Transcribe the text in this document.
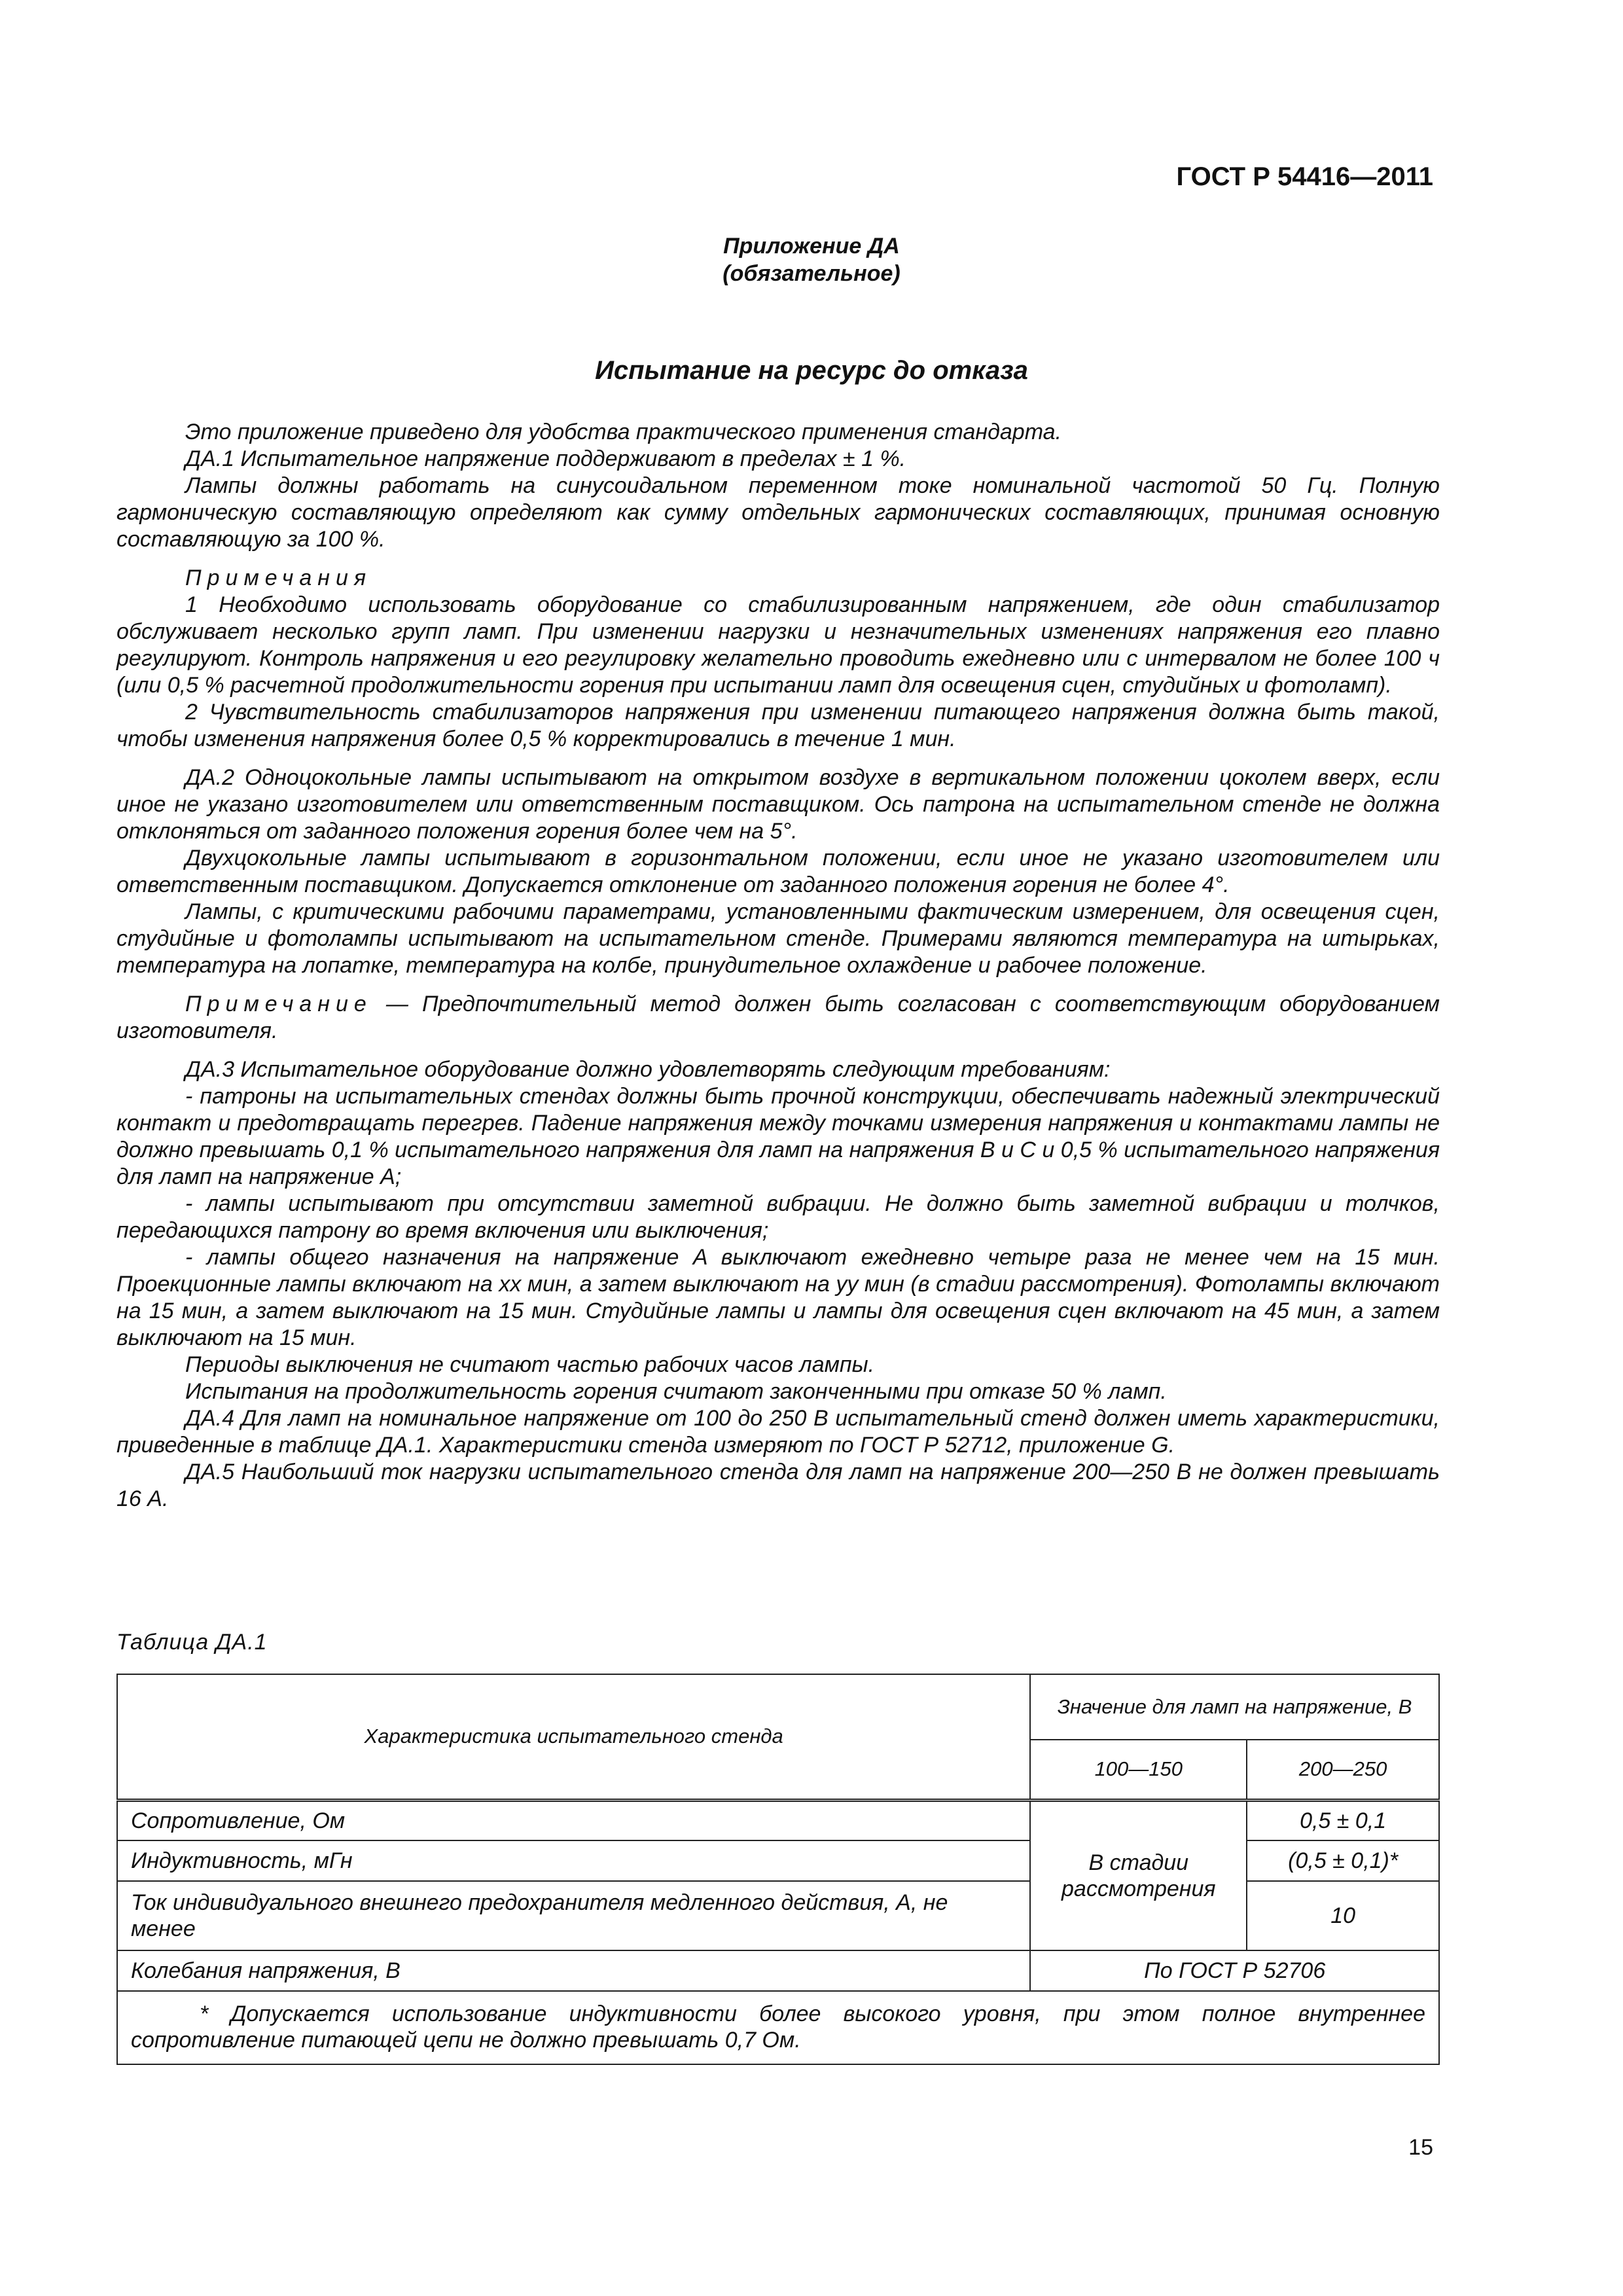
ГОСТ Р 54416—2011
Приложение ДА
(обязательное)
Испытание на ресурс до отказа

Это приложение приведено для удобства практического применения стандарта.

ДА.1 Испытательное напряжение поддерживают в пределах ± 1 %.

Лампы должны работать на синусоидальном переменном токе номинальной частотой 50 Гц. Полную гармоническую составляющую определяют как сумму отдельных гармонических составляющих, принимая основную составляющую за 100 %.

Примечания

1 Необходимо использовать оборудование со стабилизированным напряжением, где один стабилизатор обслуживает несколько групп ламп. При изменении нагрузки и незначительных изменениях напряжения его плавно регулируют. Контроль напряжения и его регулировку желательно проводить ежедневно или с интервалом не более 100 ч (или 0,5 % расчетной продолжительности горения при испытании ламп для освещения сцен, студийных и фотоламп).

2 Чувствительность стабилизаторов напряжения при изменении питающего напряжения должна быть такой, чтобы изменения напряжения более 0,5 % корректировались в течение 1 мин.

ДА.2 Одноцокольные лампы испытывают на открытом воздухе в вертикальном положении цоколем вверх, если иное не указано изготовителем или ответственным поставщиком. Ось патрона на испытательном стенде не должна отклоняться от заданного положения горения более чем на 5°.

Двухцокольные лампы испытывают в горизонтальном положении, если иное не указано изготовителем или ответственным поставщиком. Допускается отклонение от заданного положения горения не более 4°.

Лампы, с критическими рабочими параметрами, установленными фактическим измерением, для освещения сцен, студийные и фотолампы испытывают на испытательном стенде. Примерами являются температура на штырьках, температура на лопатке, температура на колбе, принудительное охлаждение и рабочее положение.

Примечание — Предпочтительный метод должен быть согласован с соответствующим оборудованием изготовителя.

ДА.3 Испытательное оборудование должно удовлетворять следующим требованиям:

- патроны на испытательных стендах должны быть прочной конструкции, обеспечивать надежный электрический контакт и предотвращать перегрев. Падение напряжения между точками измерения напряжения и контактами лампы не должно превышать 0,1 % испытательного напряжения для ламп на напряжения B и C и 0,5 % испытательного напряжения для ламп на напряжение A;

- лампы испытывают при отсутствии заметной вибрации. Не должно быть заметной вибрации и толчков, передающихся патрону во время включения или выключения;

- лампы общего назначения на напряжение A выключают ежедневно четыре раза не менее чем на 15 мин. Проекционные лампы включают на xx мин, а затем выключают на yy мин (в стадии рассмотрения). Фотолампы включают на 15 мин, а затем выключают на 15 мин. Студийные лампы и лампы для освещения сцен включают на 45 мин, а затем выключают на 15 мин.

Периоды выключения не считают частью рабочих часов лампы.

Испытания на продолжительность горения считают законченными при отказе 50 % ламп.

ДА.4 Для ламп на номинальное напряжение от 100 до 250 В испытательный стенд должен иметь характеристики, приведенные в таблице ДА.1. Характеристики стенда измеряют по ГОСТ Р 52712, приложение G.

ДА.5 Наибольший ток нагрузки испытательного стенда для ламп на напряжение 200—250 В не должен превышать 16 А.

Таблица ДА.1
Характеристика испытательного стенда	Значение для ламп на напряжение, В	
	100—150	200—250
Сопротивление, Ом	В стадии рассмотрения	0,5 ± 0,1
Индуктивность, мГн		(0,5 ± 0,1)*
Ток индивидуального внешнего предохранителя медленного действия, А, не менее		10
Колебания напряжения, В	По ГОСТ Р 52706	

* Допускается использование индуктивности более высокого уровня, при этом полное внутреннее сопротивление питающей цепи не должно превышать 0,7 Ом.		
15
